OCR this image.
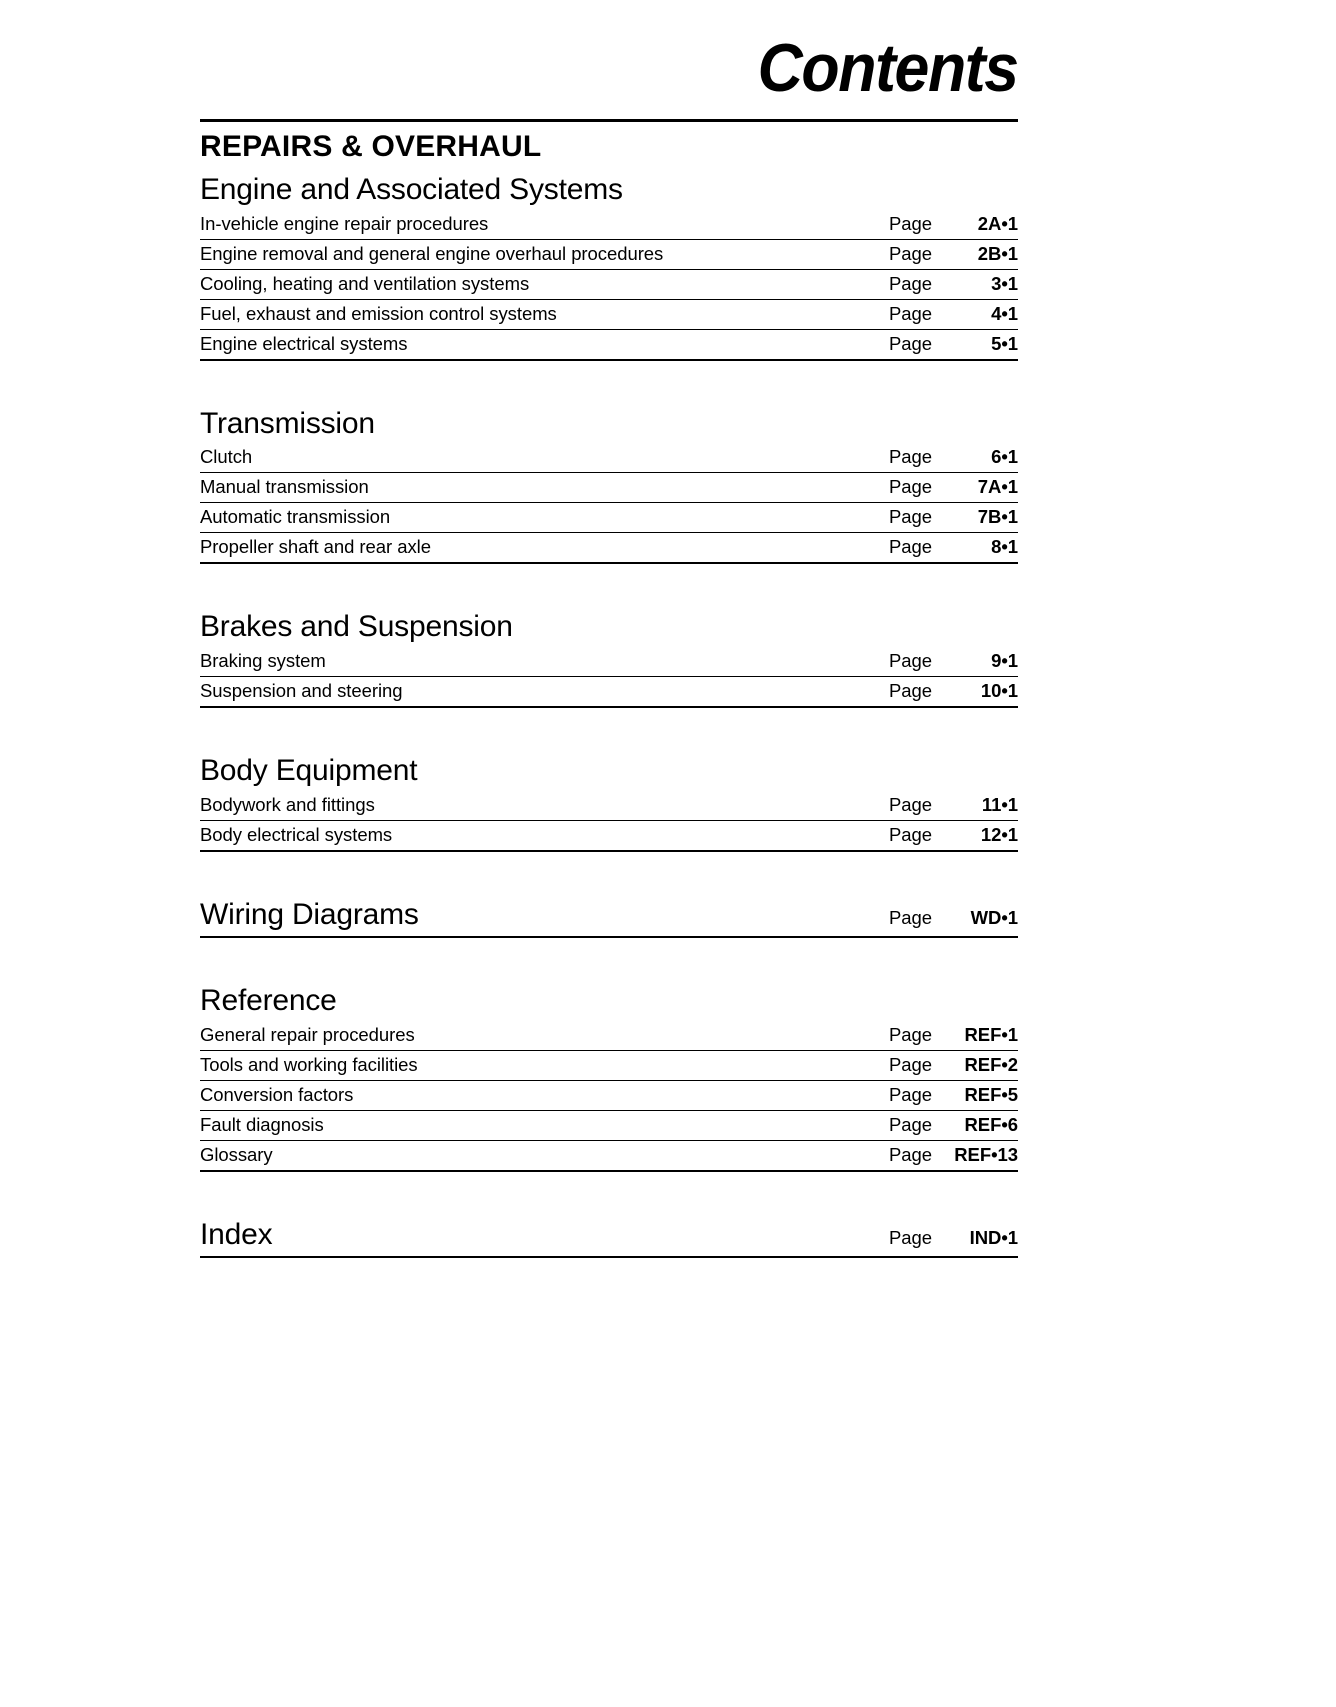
Contents
REPAIRS & OVERHAUL
Engine and Associated Systems
In-vehicle engine repair procedures	Page	2A•1
Engine removal and general engine overhaul procedures	Page	2B•1
Cooling, heating and ventilation systems	Page	3•1
Fuel, exhaust and emission control systems	Page	4•1
Engine electrical systems	Page	5•1
Transmission
Clutch	Page	6•1
Manual transmission	Page	7A•1
Automatic transmission	Page	7B•1
Propeller shaft and rear axle	Page	8•1
Brakes and Suspension
Braking system	Page	9•1
Suspension and steering	Page	10•1
Body Equipment
Bodywork and fittings	Page	11•1
Body electrical systems	Page	12•1
Wiring Diagrams	Page	WD•1
Reference
General repair procedures	Page	REF•1
Tools and working facilities	Page	REF•2
Conversion factors	Page	REF•5
Fault diagnosis	Page	REF•6
Glossary	Page	REF•13
Index	Page	IND•1
